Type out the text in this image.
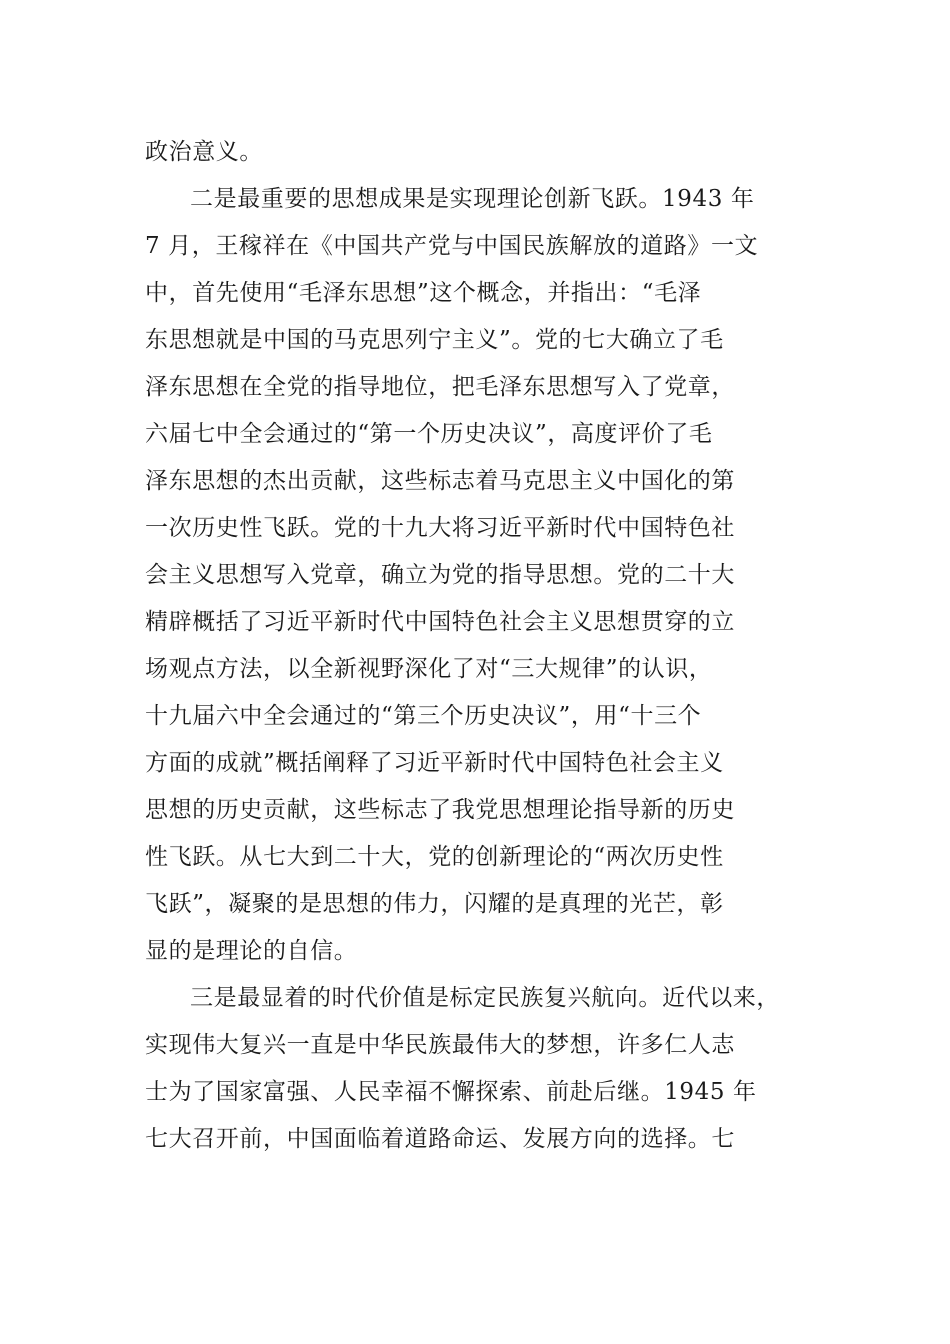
政治意义。
二是最重要的思想成果是实现理论创新飞跃。1943 年
7 月，王稼祥在《中国共产党与中国民族解放的道路》一文
中，首先使用“毛泽东思想”这个概念，并指出：“毛泽
东思想就是中国的马克思列宁主义”。党的七大确立了毛
泽东思想在全党的指导地位，把毛泽东思想写入了党章，
六届七中全会通过的“第一个历史决议”，高度评价了毛
泽东思想的杰出贡献，这些标志着马克思主义中国化的第
一次历史性飞跃。党的十九大将习近平新时代中国特色社
会主义思想写入党章，确立为党的指导思想。党的二十大
精辟概括了习近平新时代中国特色社会主义思想贯穿的立
场观点方法，以全新视野深化了对“三大规律”的认识，
十九届六中全会通过的“第三个历史决议”，用“十三个
方面的成就”概括阐释了习近平新时代中国特色社会主义
思想的历史贡献，这些标志了我党思想理论指导新的历史
性飞跃。从七大到二十大，党的创新理论的“两次历史性
飞跃”，凝聚的是思想的伟力，闪耀的是真理的光芒，彰
显的是理论的自信。
三是最显着的时代价值是标定民族复兴航向。近代以来，
实现伟大复兴一直是中华民族最伟大的梦想，许多仁人志
士为了国家富强、人民幸福不懈探索、前赴后继。1945 年
七大召开前，中国面临着道路命运、发展方向的选择。七
